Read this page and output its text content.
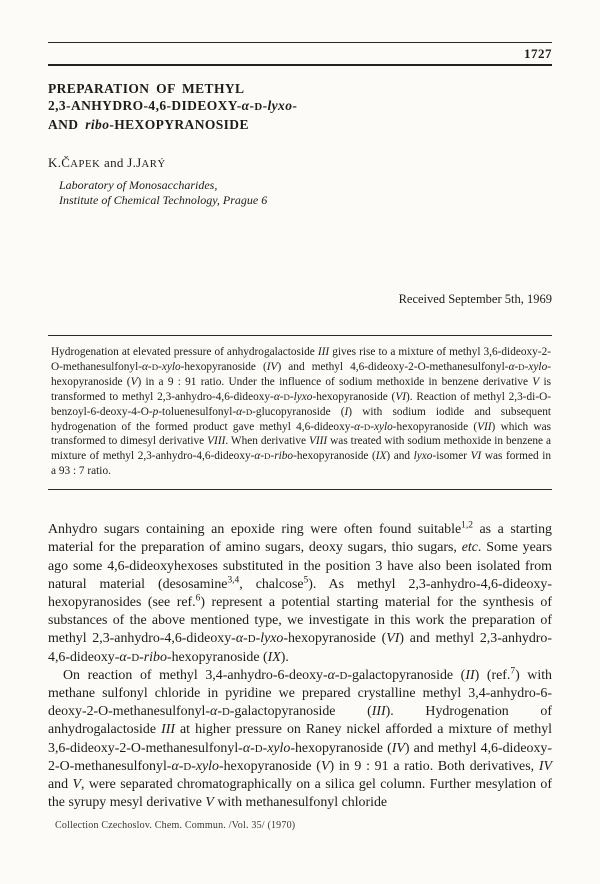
1727
PREPARATION OF METHYL
2,3-ANHYDRO-4,6-DIDEOXY-α-D-lyxo-
AND ribo-HEXOPYRANOSIDE
K.ČAPEK and J.JARÝ
Laboratory of Monosaccharides,
Institute of Chemical Technology, Prague 6
Received September 5th, 1969
Hydrogenation at elevated pressure of anhydrogalactoside III gives rise to a mixture of methyl 3,6-dideoxy-2-O-methanesulfonyl-α-D-xylo-hexopyranoside (IV) and methyl 4,6-dideoxy-2-O-methanesulfonyl-α-D-xylo-hexopyranoside (V) in a 9 : 91 ratio. Under the influence of sodium methoxide in benzene derivative V is transformed to methyl 2,3-anhydro-4,6-dideoxy-α-D-lyxo-hexopyranoside (VI). Reaction of methyl 2,3-di-O-benzoyl-6-deoxy-4-O-p-toluenesulfonyl-α-D-glucopyranoside (I) with sodium iodide and subsequent hydrogenation of the formed product gave methyl 4,6-dideoxy-α-D-xylo-hexopyranoside (VII) which was transformed to dimesyl derivative VIII. When derivative VIII was treated with sodium methoxide in benzene a mixture of methyl 2,3-anhydro-4,6-dideoxy-α-D-ribo-hexopyranoside (IX) and lyxo-isomer VI was formed in a 93 : 7 ratio.

Anhydro sugars containing an epoxide ring were often found suitable$^{1,2}$ as a starting material for the preparation of amino sugars, deoxy sugars, thio sugars, etc. Some years ago some 4,6-dideoxyhexoses substituted in the position 3 have also been isolated from natural material (desosamine$^{3,4}$, chalcose$^5$). As methyl 2,3-anhydro-4,6-dideoxy-hexopyranosides (see ref.$^6$) represent a potential starting material for the synthesis of substances of the above mentioned type, we investigate in this work the preparation of methyl 2,3-anhydro-4,6-dideoxy-α-D-lyxo-hexopyranoside (VI) and methyl 2,3-anhydro-4,6-dideoxy-α-D-ribo-hexopyranoside (IX).

On reaction of methyl 3,4-anhydro-6-deoxy-α-D-galactopyranoside (II) (ref.$^7$) with methane sulfonyl chloride in pyridine we prepared crystalline methyl 3,4-anhydro-6-deoxy-2-O-methanesulfonyl-α-D-galactopyranoside (III). Hydrogenation of anhydrogalactoside III at higher pressure on Raney nickel afforded a mixture of methyl 3,6-dideoxy-2-O-methanesulfonyl-α-D-xylo-hexopyranoside (IV) and methyl 4,6-dideoxy-2-O-methanesulfonyl-α-D-xylo-hexopyranoside (V) in 9 : 91 a ratio. Both derivatives, IV and V, were separated chromatographically on a silica gel column. Further mesylation of the syrupy mesyl derivative V with methanesulfonyl chloride

Collection Czechoslov. Chem. Commun. /Vol. 35/ (1970)
